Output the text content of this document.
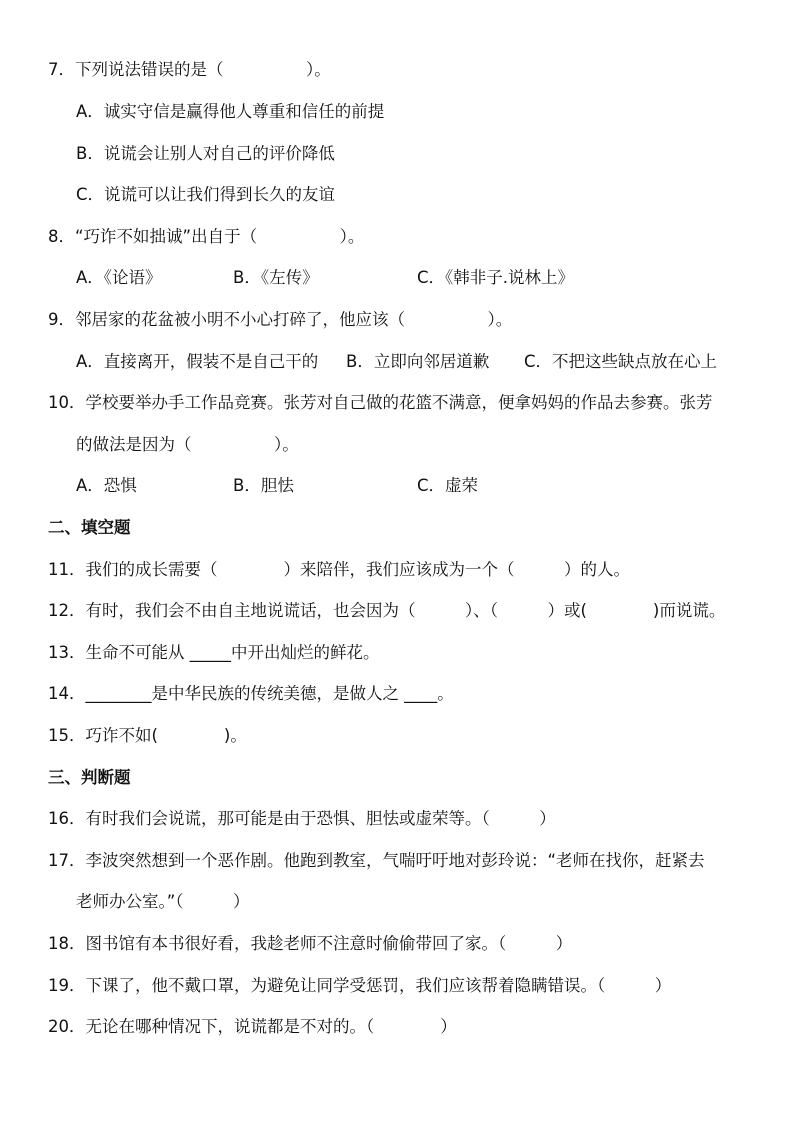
7．下列说法错误的是（　　　　　）。
A．诚实守信是赢得他人尊重和信任的前提
B．说谎会让别人对自己的评价降低
C．说谎可以让我们得到长久的友谊
8．“巧诈不如拙诚”出自于（　　　　　）。

A．《论语》

	B．《左传》

	C．《韩非子.说林上》

9．邻居家的花盆被小明不小心打碎了，他应该（　　　　　）。

A．直接离开，假装不是自己干的

B．立即向邻居道歉

C．不把这些缺点放在心上

10．学校要举办手工作品竞赛。张芳对自己做的花篮不满意，便拿妈妈的作品去参赛。张芳
的做法是因为（　　　　　）。

A．恐惧

	B．胆怯

	C．虚荣

二、填空题
11．我们的成长需要（　　　　）来陪伴，我们应该成为一个（　　　）的人。
12．有时，我们会不由自主地说谎话，也会因为（　　　）、（　　　）或(　　　　)而说谎。
13．生命不可能从 _____中开出灿烂的鲜花。
14．________是中华民族的传统美德，是做人之 ____。
15．巧诈不如(　　　　)。
三、判断题
16．有时我们会说谎，那可能是由于恐惧、胆怯或虚荣等。（　　　）
17．李波突然想到一个恶作剧。他跑到教室，气喘吁吁地对彭玲说：“老师在找你，赶紧去
老师办公室。”（　　　）
18．图书馆有本书很好看，我趁老师不注意时偷偷带回了家。（　　　）
19．下课了，他不戴口罩，为避免让同学受惩罚，我们应该帮着隐瞒错误。（　　　）
20．无论在哪种情况下，说谎都是不对的。（　　　　）
